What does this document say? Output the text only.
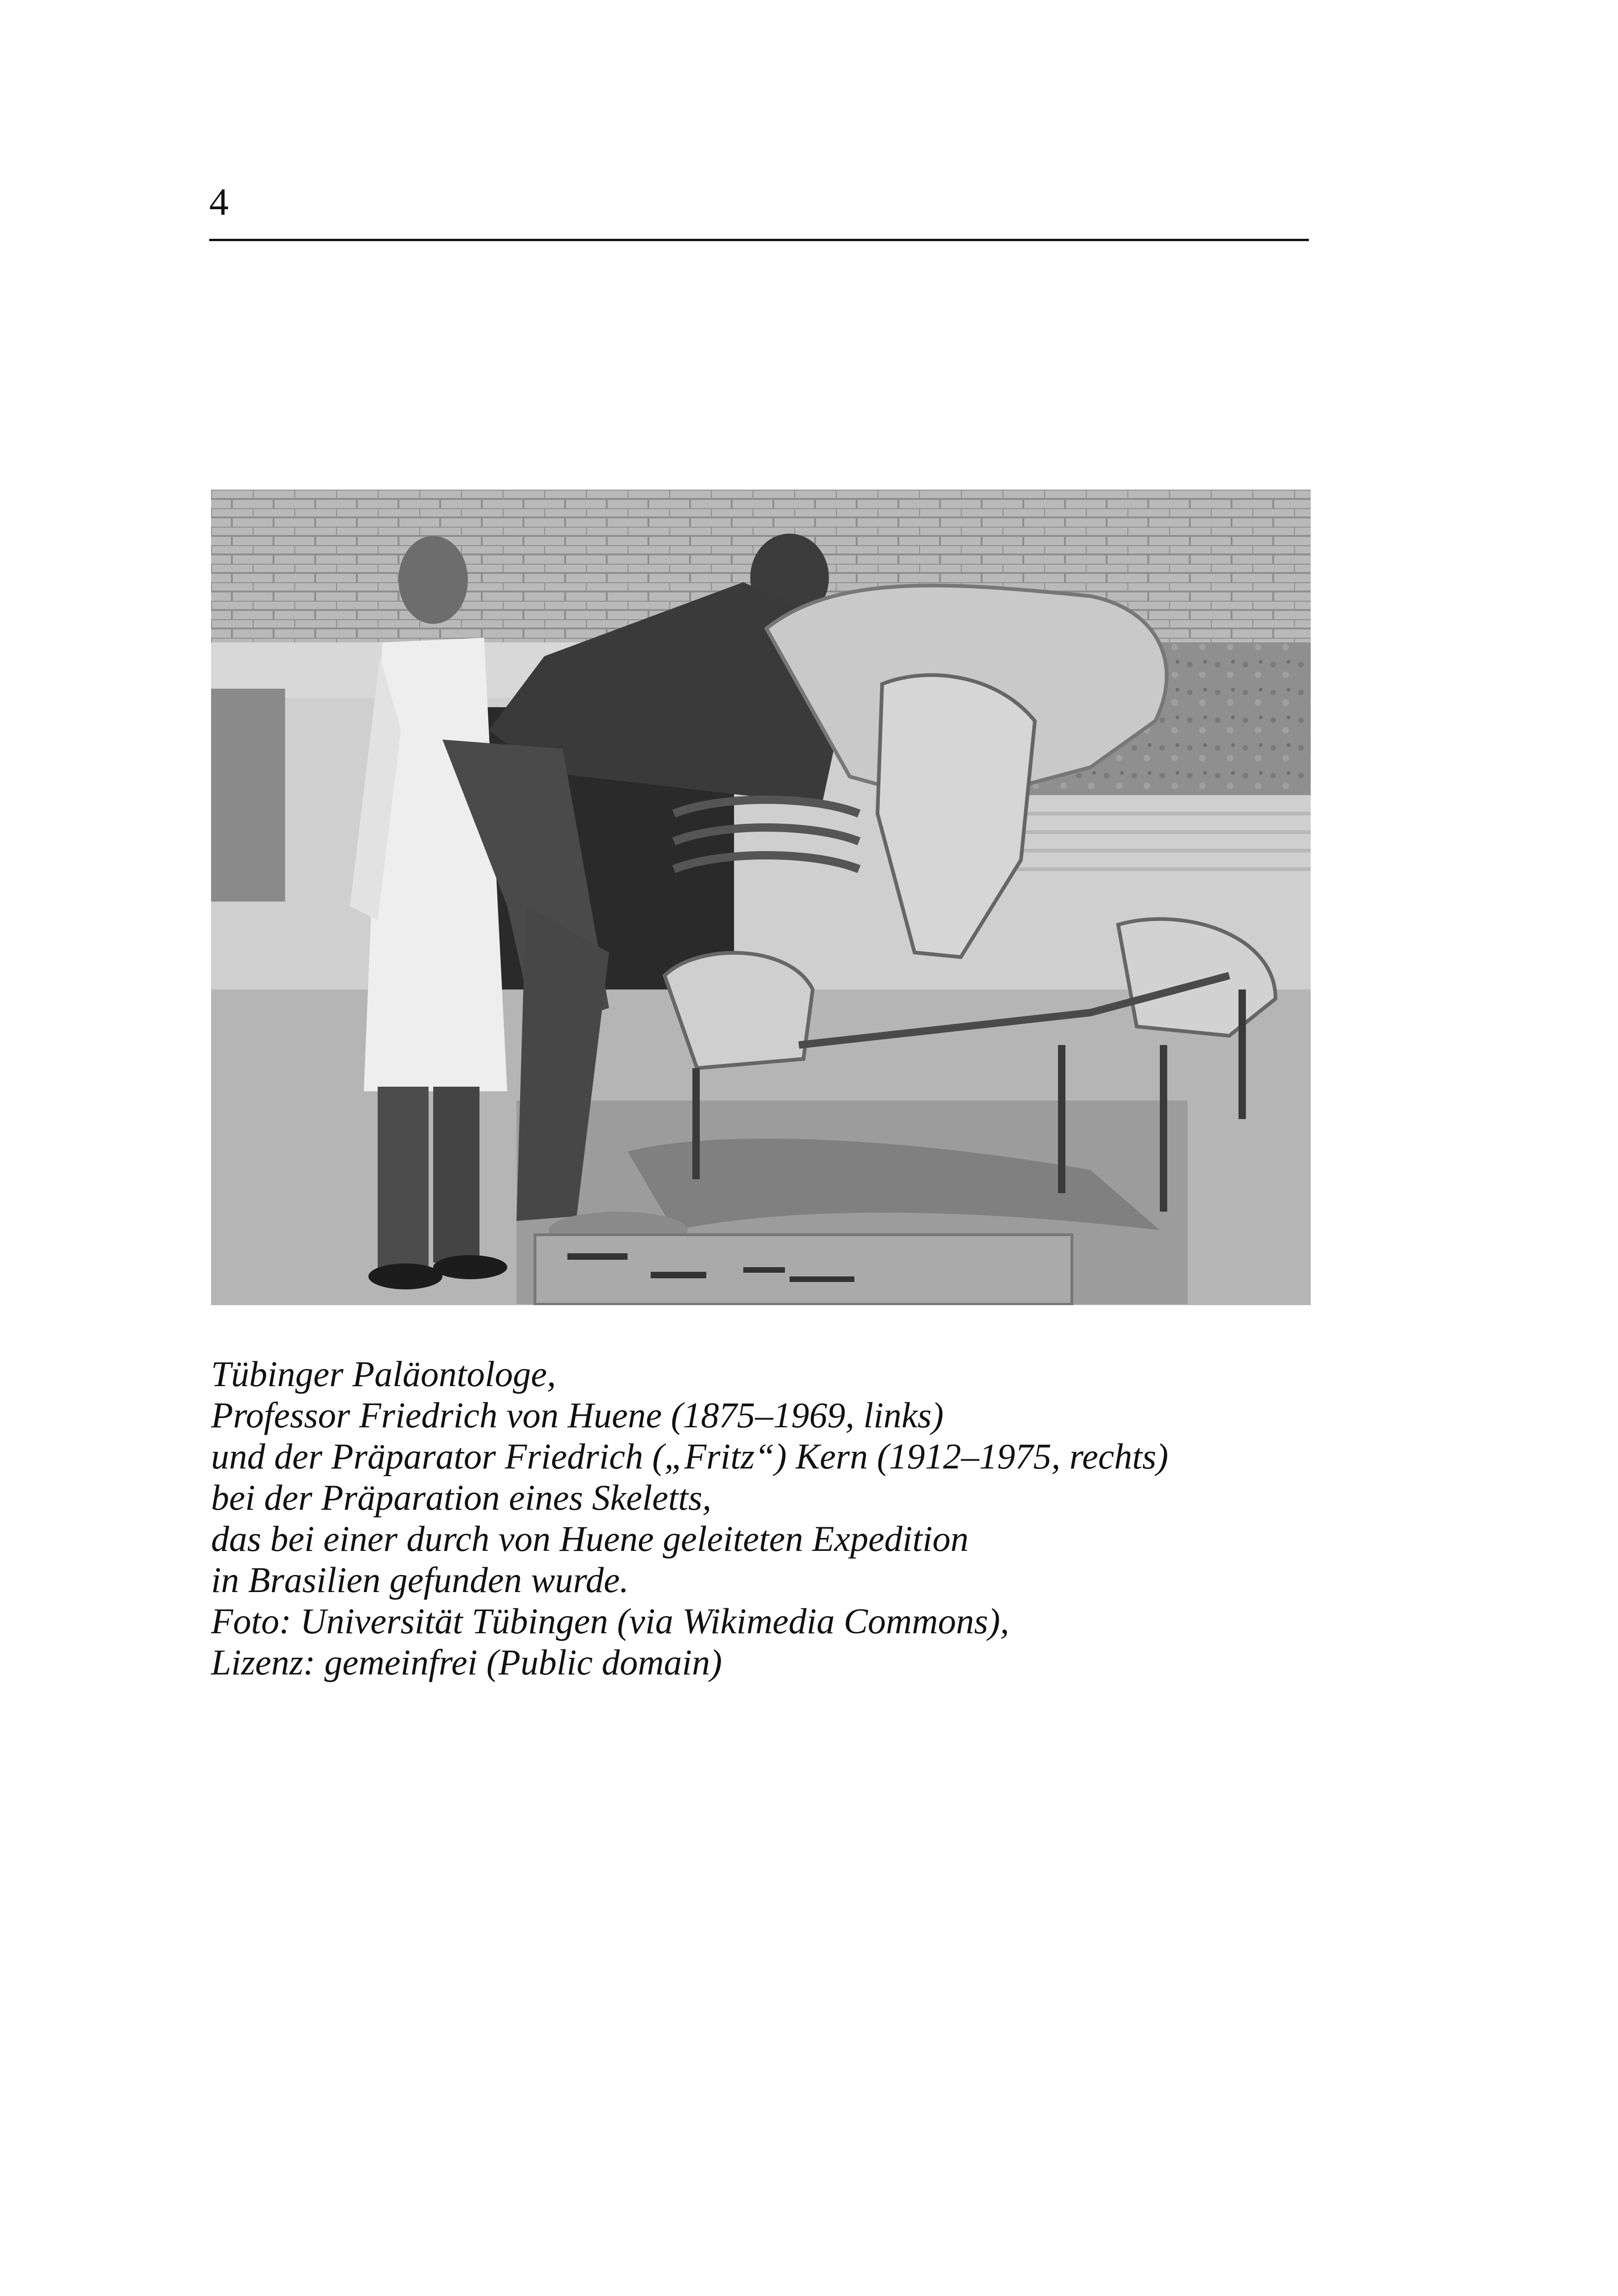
4
Tübinger Paläontologe,
Professor Friedrich von Huene (1875–1969, links)
und der Präparator Friedrich („Fritz“) Kern (1912–1975, rechts)
bei der Präparation eines Skeletts,
das bei einer durch von Huene geleiteten Expedition
in Brasilien gefunden wurde.
Foto: Universität Tübingen (via Wikimedia Commons),
Lizenz: gemeinfrei (Public domain)
